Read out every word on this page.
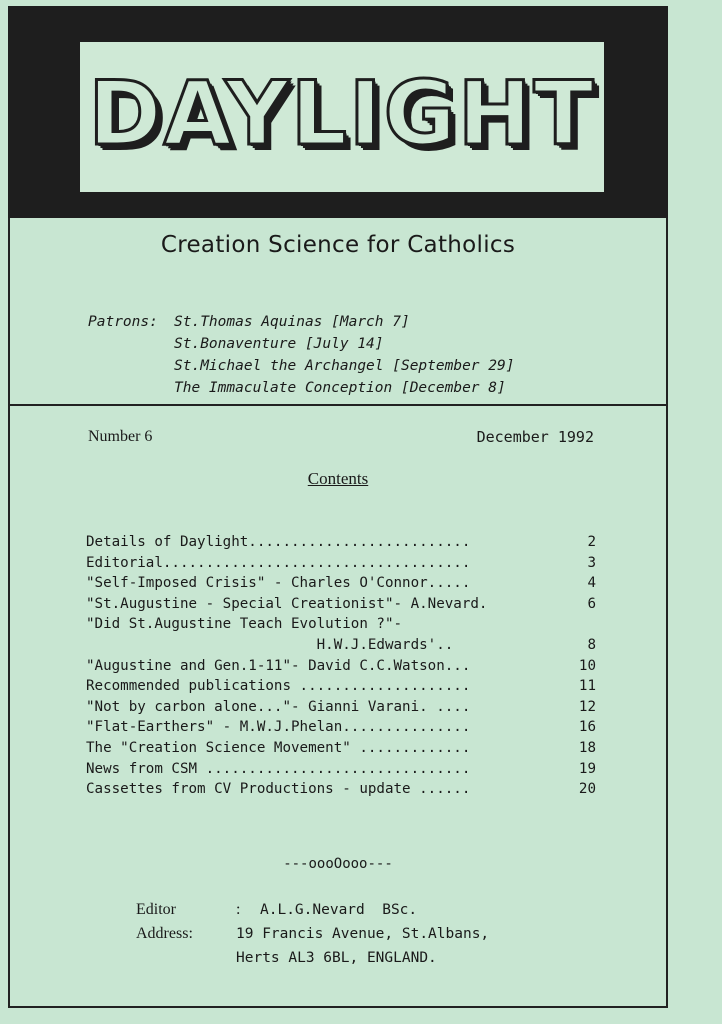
DAYLIGHT
Creation Science for Catholics
Patrons:	St.Thomas Aquinas [March 7]
St.Bonaventure [July 14]
St.Michael the Archangel [September 29]
The Immaculate Conception [December 8]
Number 6	December 1992
Contents
Details of Daylight..........................	2
Editorial....................................	3
"Self-Imposed Crisis" - Charles O'Connor.....	4
"St.Augustine - Special Creationist"- A.Nevard.	6
"Did St.Augustine Teach Evolution ?"-
H.W.J.Edwards'..	8
"Augustine and Gen.1-11"- David C.C.Watson...	10
Recommended publications ....................	11
"Not by carbon alone..."- Gianni Varani. ....	12
"Flat-Earthers" - M.W.J.Phelan...............	16
The "Creation Science Movement" .............	18
News from CSM ...............................	19
Cassettes from CV Productions - update ......	20
---oooOooo---
Editor	:	A.L.G.Nevard  BSc.
Address:	19 Francis Avenue, St.Albans,
Herts AL3 6BL, ENGLAND.
